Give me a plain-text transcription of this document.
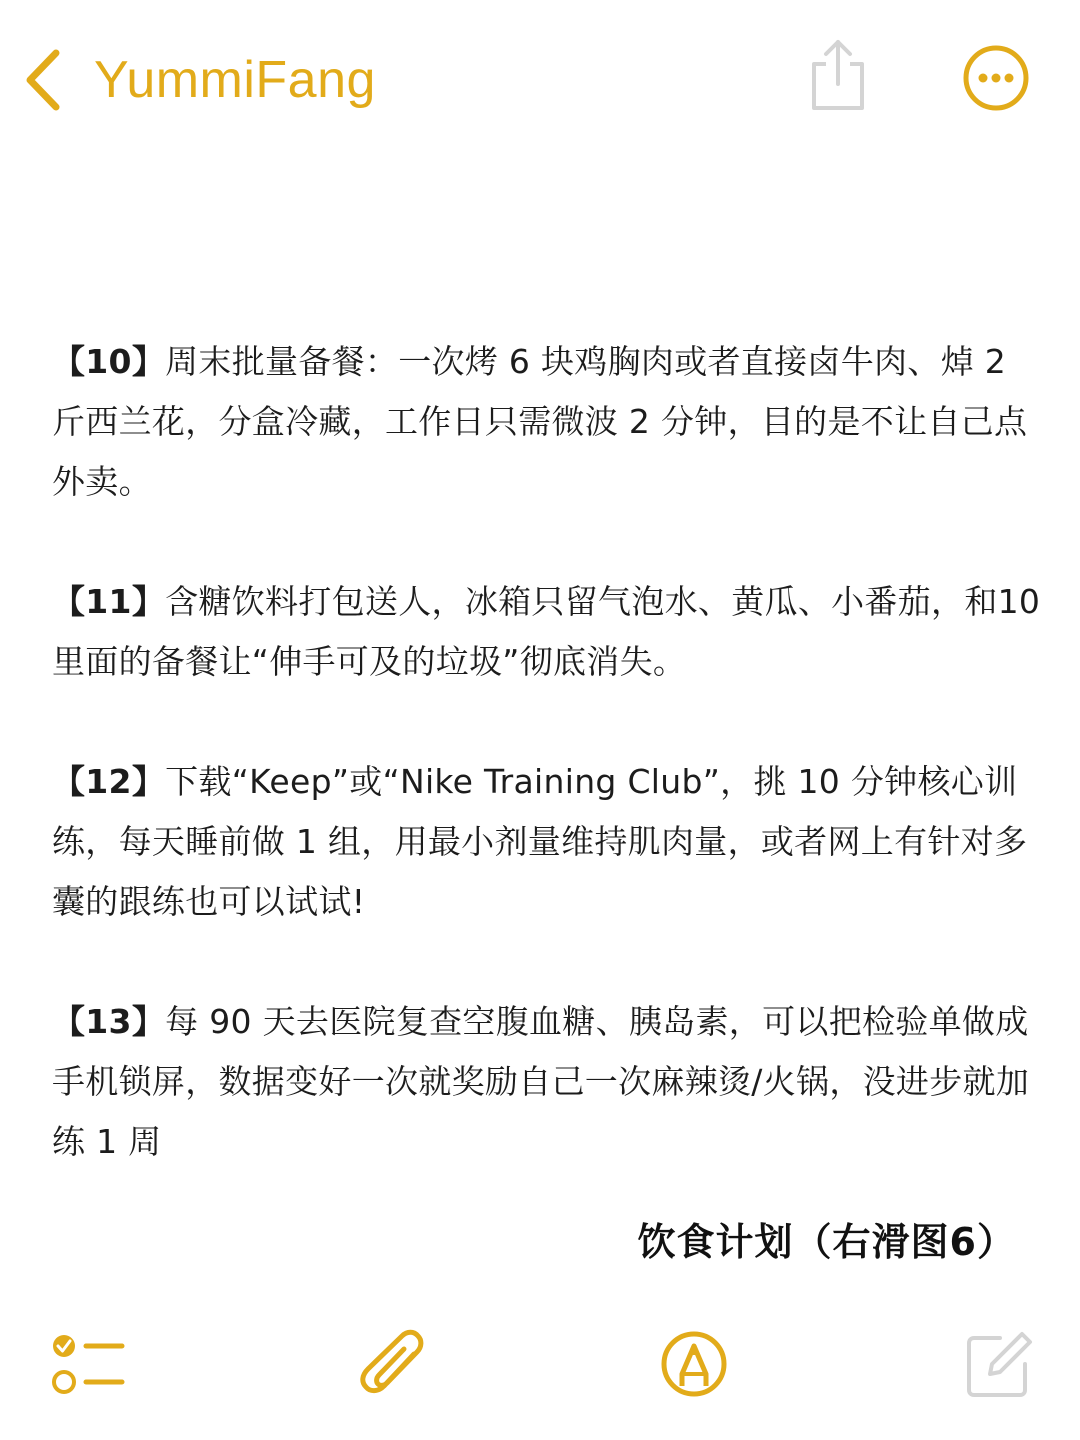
YummiFang

【10】周末批量备餐：一次烤 6 块鸡胸肉或者直接卤牛肉、焯 2 斤西兰花，分盒冷藏，工作日只需微波 2 分钟，目的是不让自己点外卖。

【11】含糖饮料打包送人，冰箱只留气泡水、黄瓜、小番茄，和10里面的备餐让“伸手可及的垃圾”彻底消失。

【12】下载“Keep”或“Nike Training Club”，挑 10 分钟核心训练，每天睡前做 1 组，用最小剂量维持肌肉量，或者网上有针对多囊的跟练也可以试试!

【13】每 90 天去医院复查空腹血糖、胰岛素，可以把检验单做成手机锁屏，数据变好一次就奖励自己一次麻辣烫/火锅，没进步就加练 1 周

饮食计划（右滑图6）
